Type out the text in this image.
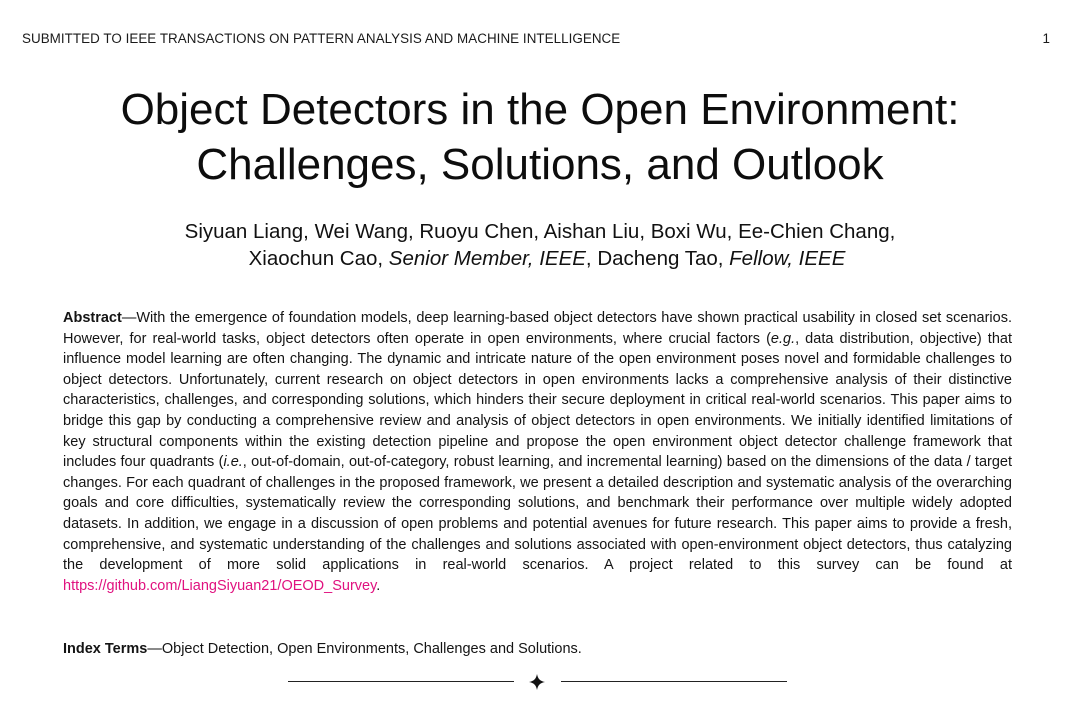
SUBMITTED TO IEEE TRANSACTIONS ON PATTERN ANALYSIS AND MACHINE INTELLIGENCE	1
Object Detectors in the Open Environment:
Challenges, Solutions, and Outlook
Siyuan Liang, Wei Wang, Ruoyu Chen, Aishan Liu, Boxi Wu, Ee-Chien Chang,
Xiaochun Cao, Senior Member, IEEE, Dacheng Tao, Fellow, IEEE

Abstract—With the emergence of foundation models, deep learning-based object detectors have shown practical usability in closed set scenarios. However, for real-world tasks, object detectors often operate in open environments, where crucial factors (e.g., data distribution, objective) that influence model learning are often changing. The dynamic and intricate nature of the open environment poses novel and formidable challenges to object detectors. Unfortunately, current research on object detectors in open environments lacks a comprehensive analysis of their distinctive characteristics, challenges, and corresponding solutions, which hinders their secure deployment in critical real-world scenarios. This paper aims to bridge this gap by conducting a comprehensive review and analysis of object detectors in open environments. We initially identified limitations of key structural components within the existing detection pipeline and propose the open environment object detector challenge framework that includes four quadrants (i.e., out-of-domain, out-of-category, robust learning, and incremental learning) based on the dimensions of the data / target changes. For each quadrant of challenges in the proposed framework, we present a detailed description and systematic analysis of the overarching goals and core difficulties, systematically review the corresponding solutions, and benchmark their performance over multiple widely adopted datasets. In addition, we engage in a discussion of open problems and potential avenues for future research. This paper aims to provide a fresh, comprehensive, and systematic understanding of the challenges and solutions associated with open-environment object detectors, thus catalyzing the development of more solid applications in real-world scenarios. A project related to this survey can be found at https://github.com/LiangSiyuan21/OEOD_Survey.

Index Terms—Object Detection, Open Environments, Challenges and Solutions.
